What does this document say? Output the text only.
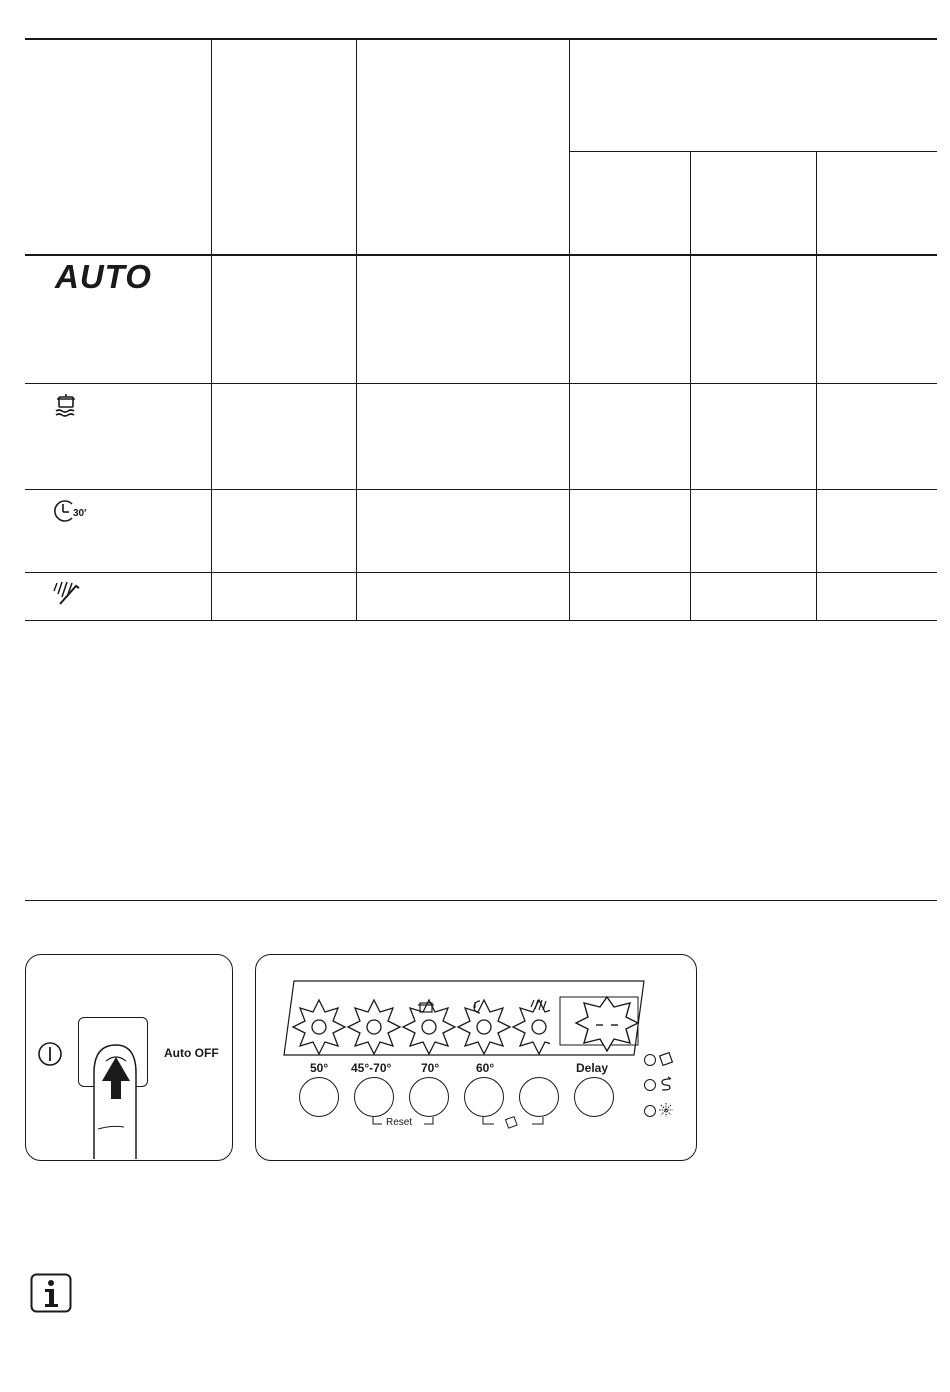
AUTO
30′
Auto OFF
50° 45°-70° 70°	60°	Delay
Reset
